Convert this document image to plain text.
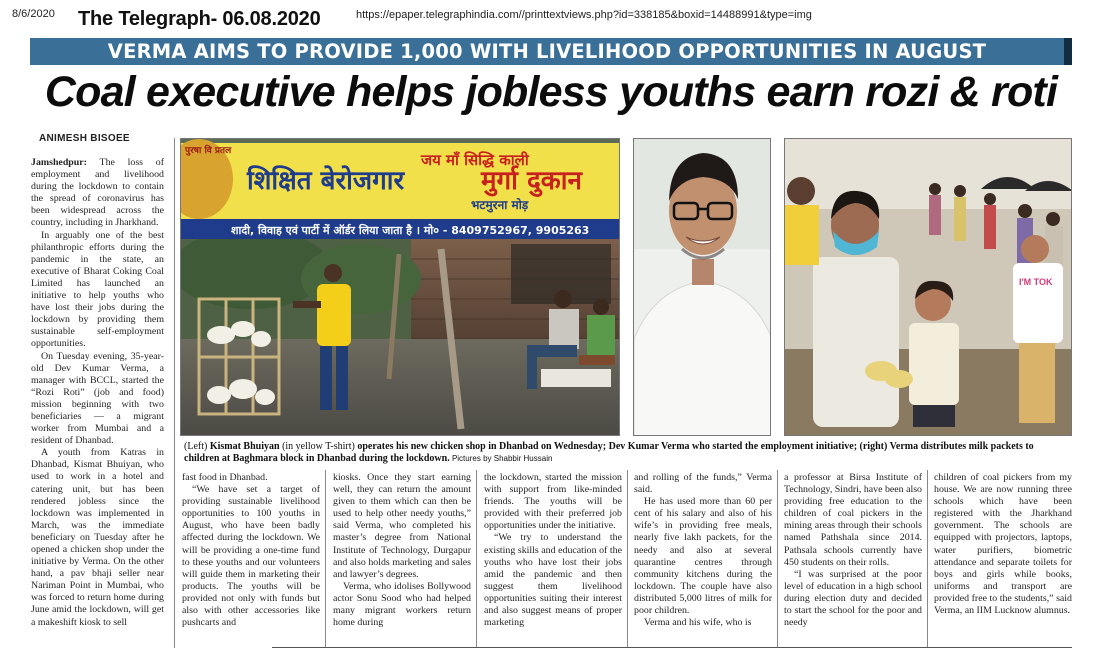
8/6/2020 The Telegraph- 06.08.2020	https://epaper.telegraphindia.com//printtextviews.php?id=338185&boxid=14488991&type=img
VERMA AIMS TO PROVIDE 1,000 WITH LIVELIHOOD OPPORTUNITIES IN AUGUST
Coal executive helps jobless youths earn rozi & roti
ANIMESH BISOEE

Jamshedpur: The loss of employment and livelihood during the lockdown to contain the spread of coronavirus has been widespread across the country, including in Jharkhand.

In arguably one of the best philanthropic efforts during the pandemic in the state, an executive of Bharat Coking Coal Limited has launched an initiative to help youths who have lost their jobs during the lockdown by providing them sustainable self-employment opportunities.

On Tuesday evening, 35-year-old Dev Kumar Verma, a manager with BCCL, started the “Rozi Roti” (job and food) mission beginning with two beneficiaries — a migrant worker from Mumbai and a resident of Dhanbad.

A youth from Katras in Dhanbad, Kismat Bhuiyan, who used to work in a hotel and catering unit, but has been rendered jobless since the lockdown was implemented in March, was the immediate beneficiary on Tuesday after he opened a chicken shop under the initiative by Verma. On the other hand, a pav bhaji seller near Nariman Point in Mumbai, who was forced to return home during June amid the lockdown, will get a makeshift kiosk to sell

पुरषा वि प्रतल	जय माँ सिद्धि काली
शिक्षित बेरोजगार	मुर्गा दुकान
भटमुरना मोड़
शादी, विवाह एवं पार्टी में ऑर्डर लिया जाता है । मो० - 8409752967, 9905263
I'M TOK
(Left) Kismat Bhuiyan (in yellow T-shirt) operates his new chicken shop in Dhanbad on Wednesday; Dev Kumar Verma who started the employment initiative; (right) Verma distributes milk packets to children at Baghmara block in Dhanbad during the lockdown. Pictures by Shabbir Hussain

fast food in Dhanbad.

“We have set a target of providing sustainable livelihood opportunities to 100 youths in August, who have been badly affected during the lockdown. We will be providing a one-time fund to these youths and our volunteers will guide them in marketing their products. The youths will be provided not only with funds but also with other accessories like pushcarts and

kiosks. Once they start earning well, they can return the amount given to them which can then be used to help other needy youths,” said Verma, who completed his master’s degree from National Institute of Technology, Durgapur and also holds marketing and sales and lawyer’s degrees.

Verma, who idolises Bollywood actor Sonu Sood who had helped many migrant workers return home during

the lockdown, started the mission with support from like-minded friends. The youths will be provided with their preferred job opportunities under the initiative.

“We try to understand the existing skills and education of the youths who have lost their jobs amid the pandemic and then suggest them livelihood opportunities suiting their interest and also suggest means of proper marketing

and rolling of the funds,” Verma said.

He has used more than 60 per cent of his salary and also of his wife’s in providing free meals, nearly five lakh packets, for the needy and also at several quarantine centres through community kitchens during the lockdown. The couple have also distributed 5,000 litres of milk for poor children.

Verma and his wife, who is

a professor at Birsa Institute of Technology, Sindri, have been also providing free education to the children of coal pickers in the mining areas through their schools named Pathshala since 2014. Pathsala schools currently have 450 students on their rolls.

“I was surprised at the poor level of education in a high school during election duty and decided to start the school for the poor and needy

children of coal pickers from my house. We are now running three schools which have been registered with the Jharkhand government. The schools are equipped with projectors, laptops, water purifiers, biometric attendance and separate toilets for boys and girls while books, uniforms and transport are provided free to the students,” said Verma, an IIM Lucknow alumnus.
